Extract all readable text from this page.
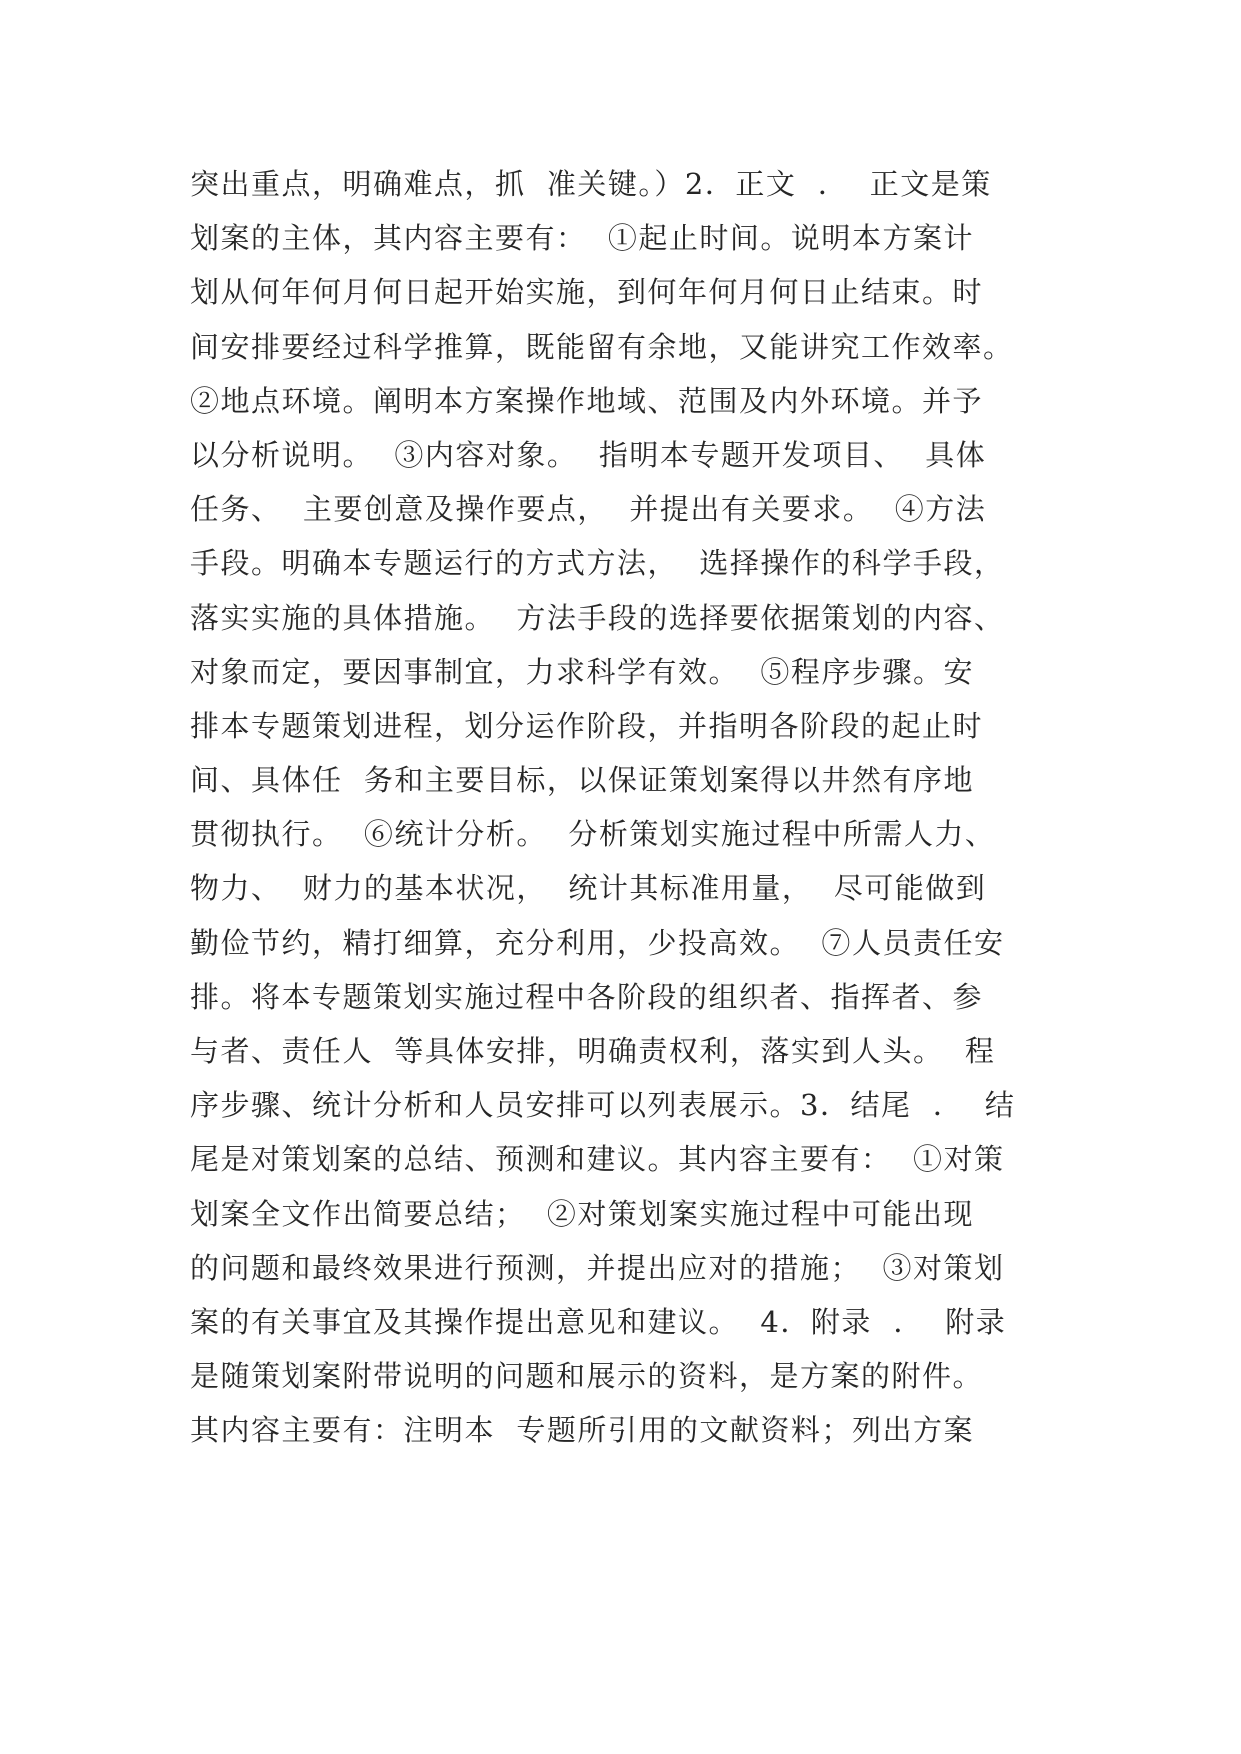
突出重点，明确难点，抓  准关键。）2．正文  ．  正文是策
划案的主体，其内容主要有：  ①起止时间。说明本方案计
划从何年何月何日起开始实施，到何年何月何日止结束。时
间安排要经过科学推算，既能留有余地，又能讲究工作效率。
②地点环境。阐明本方案操作地域、范围及内外环境。并予
以分析说明。  ③内容对象。  指明本专题开发项目、  具体
任务、  主要创意及操作要点，  并提出有关要求。  ④方法
手段。明确本专题运行的方式方法，  选择操作的科学手段，
落实实施的具体措施。  方法手段的选择要依据策划的内容、
对象而定，要因事制宜，力求科学有效。  ⑤程序步骤。安
排本专题策划进程，划分运作阶段，并指明各阶段的起止时
间、具体任  务和主要目标，以保证策划案得以井然有序地
贯彻执行。  ⑥统计分析。  分析策划实施过程中所需人力、
物力、  财力的基本状况，  统计其标准用量，  尽可能做到
勤俭节约，精打细算，充分利用，少投高效。  ⑦人员责任安
排。将本专题策划实施过程中各阶段的组织者、指挥者、参
与者、责任人  等具体安排，明确责权利，落实到人头。  程
序步骤、统计分析和人员安排可以列表展示。3．结尾  ．  结
尾是对策划案的总结、预测和建议。其内容主要有：  ①对策
划案全文作出简要总结；  ②对策划案实施过程中可能出现
的问题和最终效果进行预测，并提出应对的措施；  ③对策划
案的有关事宜及其操作提出意见和建议。  4．附录  ．  附录
是随策划案附带说明的问题和展示的资料，是方案的附件。
其内容主要有：注明本  专题所引用的文献资料；列出方案
